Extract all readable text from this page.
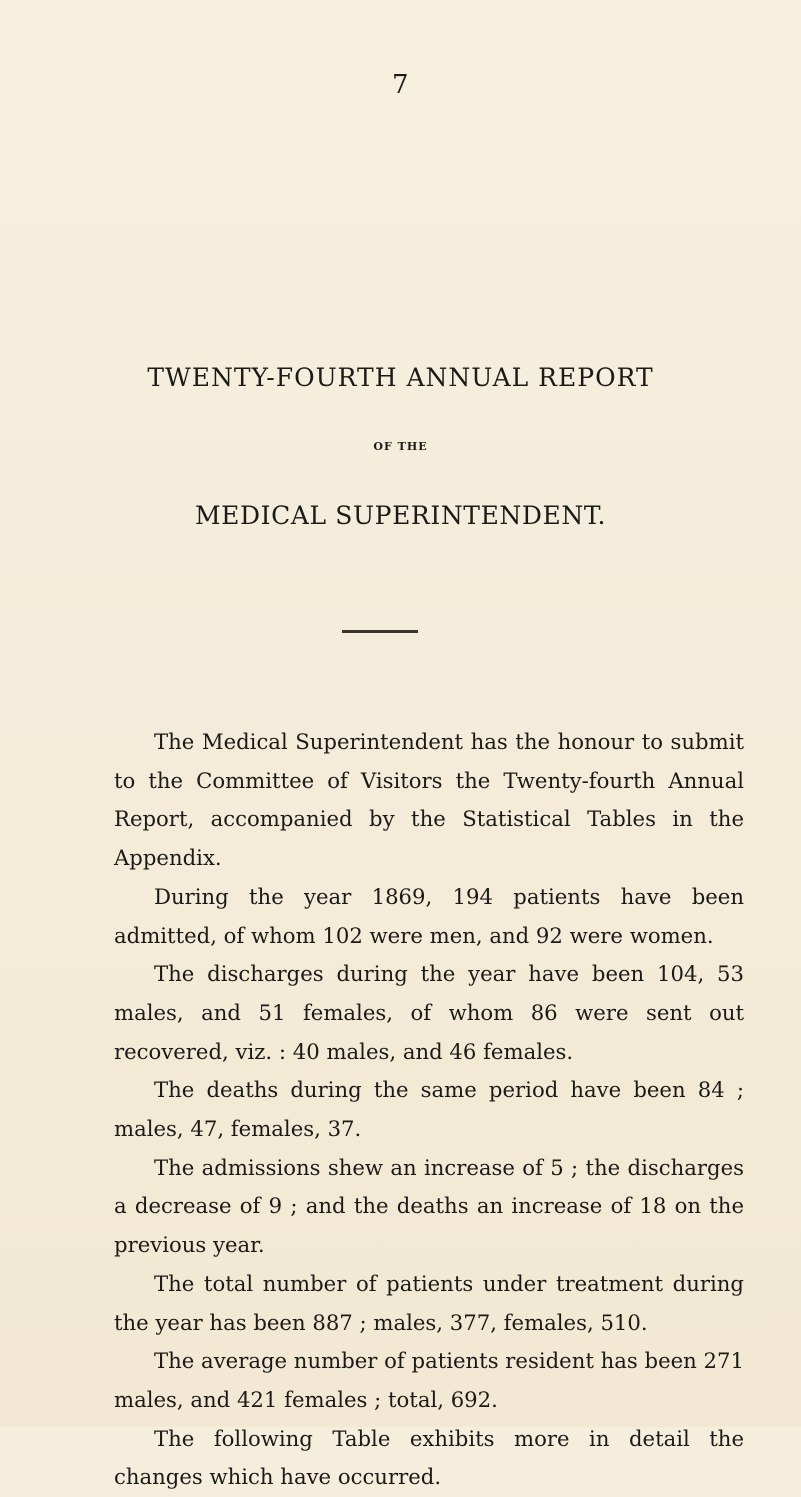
7
TWENTY-FOURTH ANNUAL REPORT
OF THE
MEDICAL SUPERINTENDENT.

The Medical Superintendent has the honour to submit to the Committee of Visitors the Twenty-fourth Annual Report, accompanied by the Statistical Tables in the Appendix.

During the year 1869, 194 patients have been admitted, of whom 102 were men, and 92 were women.

The discharges during the year have been 104, 53 males, and 51 females, of whom 86 were sent out recovered, viz. : 40 males, and 46 females.

The deaths during the same period have been 84 ; males, 47, females, 37.

The admissions shew an increase of 5 ; the discharges a decrease of 9 ; and the deaths an increase of 18 on the previous year.

The total number of patients under treatment during the year has been 887 ; males, 377, females, 510.

The average number of patients resident has been 271 males, and 421 females ; total, 692.

The following Table exhibits more in detail the changes which have occurred.
